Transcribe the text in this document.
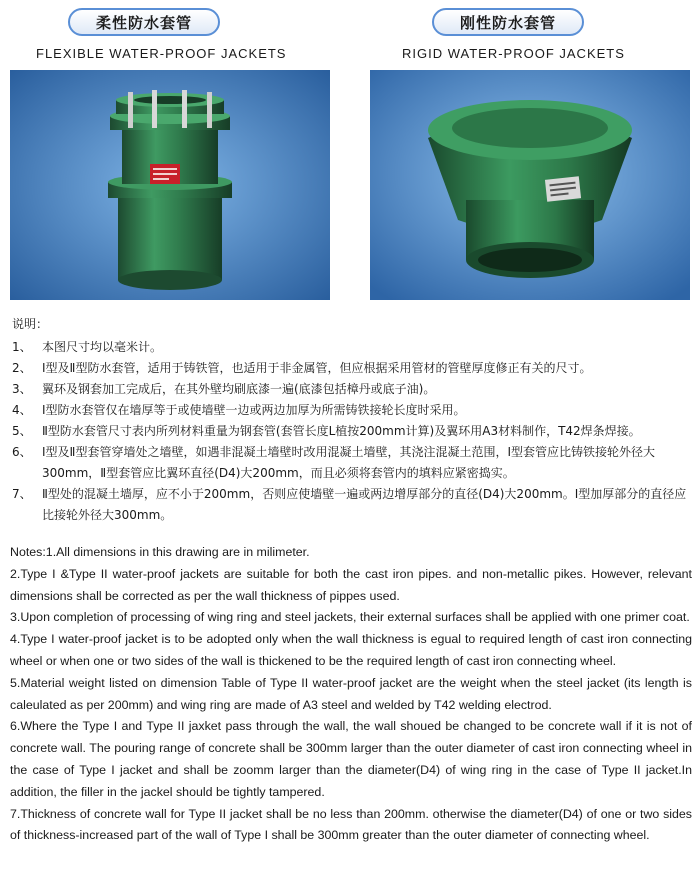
柔性防水套管	刚性防水套管
FLEXIBLE WATER-PROOF JACKETS	RIGID WATER-PROOF JACKETS
说明：
1、 本图尺寸均以毫米计。
2、 I型及Ⅱ型防水套管，适用于铸铁管，也适用于非金属管，但应根据采用管材的管壁厚度修正有关的尺寸。
3、 翼环及钢套加工完成后，在其外壁均刷底漆一遍(底漆包括樟丹或底子油)。
4、 I型防水套管仅在墙厚等于或使墙壁一边或两边加厚为所需铸铁接轮长度时采用。
5、 Ⅱ型防水套管尺寸表内所列材料重量为钢套管(套管长度L植按200mm计算)及翼环用A3材料制作，T42焊条焊接。
6、 I型及Ⅱ型套管穿墙处之墙壁，如遇非混凝土墙壁时改用混凝土墙壁，其浇注混凝土范围，I型套管应比铸铁接轮外径大300mm，Ⅱ型套管应比翼环直径(D4)大200mm，而且必须将套管内的填料应紧密捣实。
7、 Ⅱ型处的混凝土墙厚，应不小于200mm，否则应使墙壁一遍或两边增厚部分的直径(D4)大200mm。I型加厚部分的直径应比接轮外径大300mm。

Notes:1.All dimensions in this drawing are in milimeter.

2.Type I &Type II water-proof jackets are suitable for both the cast iron pipes. and non-metallic pikes. However, relevant dimensions shall be corrected as per the wall thickness of pippes used.

3.Upon completion of processing of wing ring and steel jackets, their external surfaces shall be applied with one primer coat.

4.Type I water-proof jacket is to be adopted only when the wall thickness is egual to required length of cast iron connecting wheel or when one or two sides of the wall is thickened to be the required length of cast iron connecting wheel.

5.Material weight listed on dimension Table of Type II water-proof jacket are the weight when the steel jacket (its length is caleulated as per 200mm) and wing ring are made of A3 steel and welded by T42 welding electrod.

6.Where the Type I and Type II jaxket pass through the wall, the wall shoued be changed to be concrete wall if it is not of concrete wall. The pouring range of concrete shall be 300mm larger than the outer diameter of cast iron connecting wheel in the case of Type I jacket and shall be zoomm larger than the diameter(D4) of wing ring in the case of Type II jacket.In addition, the filler in the jackel should be tightly tampered.

7.Thickness of concrete wall for Type II jacket shall be no less than 200mm. otherwise the diameter(D4) of one or two sides of thickness-increased part of the wall of Type I shall be 300mm greater than the outer diameter of connecting wheel.
